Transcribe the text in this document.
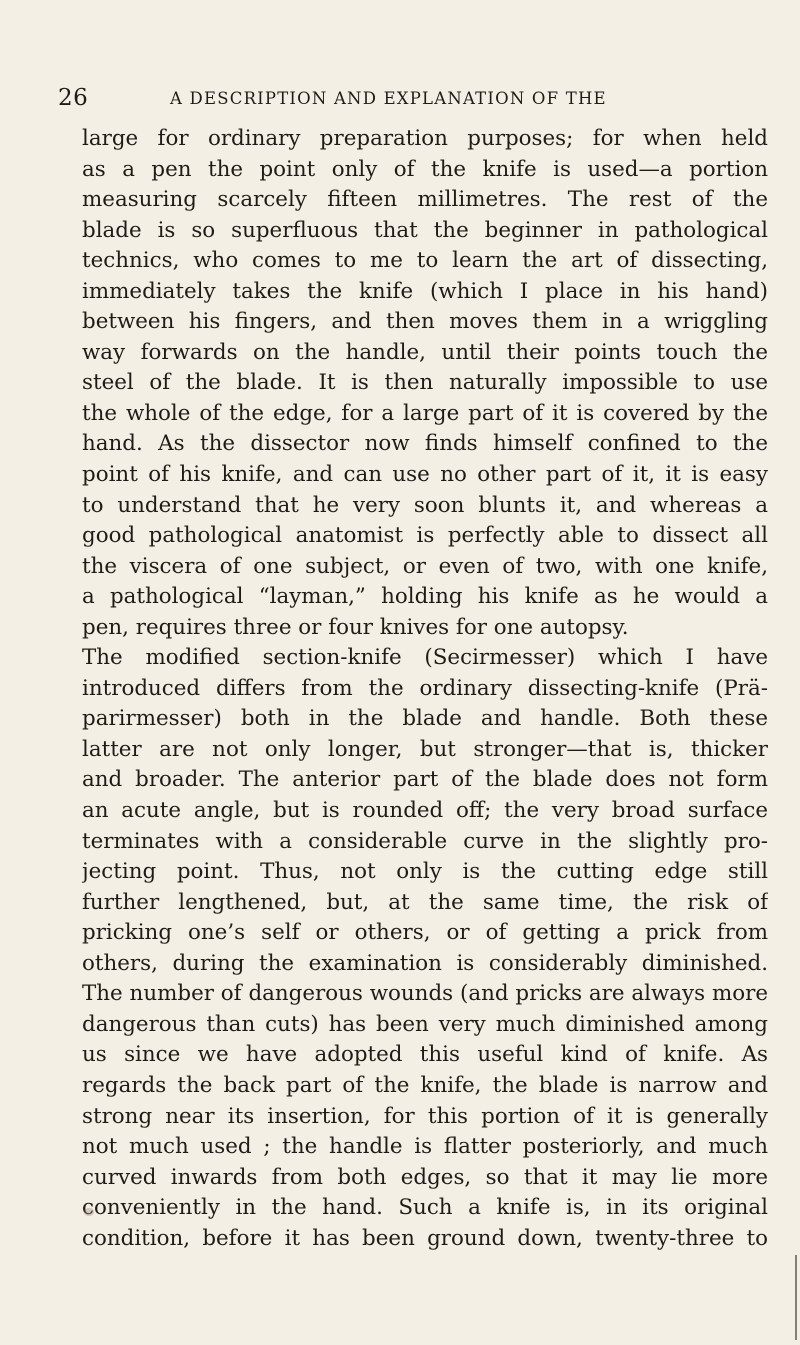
26	A DESCRIPTION AND EXPLANATION OF THE
large for ordinary preparation purposes; for when held
as a pen the point only of the knife is used—a portion
measuring scarcely fifteen millimetres. The rest of the
blade is so superfluous that the beginner in pathological
technics, who comes to me to learn the art of dissecting,
immediately takes the knife (which I place in his hand)
between his fingers, and then moves them in a wriggling
way forwards on the handle, until their points touch the
steel of the blade. It is then naturally impossible to use
the whole of the edge, for a large part of it is covered by the
hand. As the dissector now finds himself confined to the
point of his knife, and can use no other part of it, it is easy
to understand that he very soon blunts it, and whereas a
good pathological anatomist is perfectly able to dissect all
the viscera of one subject, or even of two, with one knife,
a pathological “layman,” holding his knife as he would a
pen, requires three or four knives for one autopsy.
The modified section-knife (Secirmesser) which I have
introduced differs from the ordinary dissecting-knife (Prä-
parirmesser) both in the blade and handle. Both these
latter are not only longer, but stronger—that is, thicker
and broader. The anterior part of the blade does not form
an acute angle, but is rounded off; the very broad surface
terminates with a considerable curve in the slightly pro-
jecting point. Thus, not only is the cutting edge still
further lengthened, but, at the same time, the risk of
pricking one’s self or others, or of getting a prick from
others, during the examination is considerably diminished.
The number of dangerous wounds (and pricks are always more
dangerous than cuts) has been very much diminished among
us since we have adopted this useful kind of knife. As
regards the back part of the knife, the blade is narrow and
strong near its insertion, for this portion of it is generally
not much used ; the handle is flatter posteriorly, and much
curved inwards from both edges, so that it may lie more
conveniently in the hand. Such a knife is, in its original
condition, before it has been ground down, twenty-three to
